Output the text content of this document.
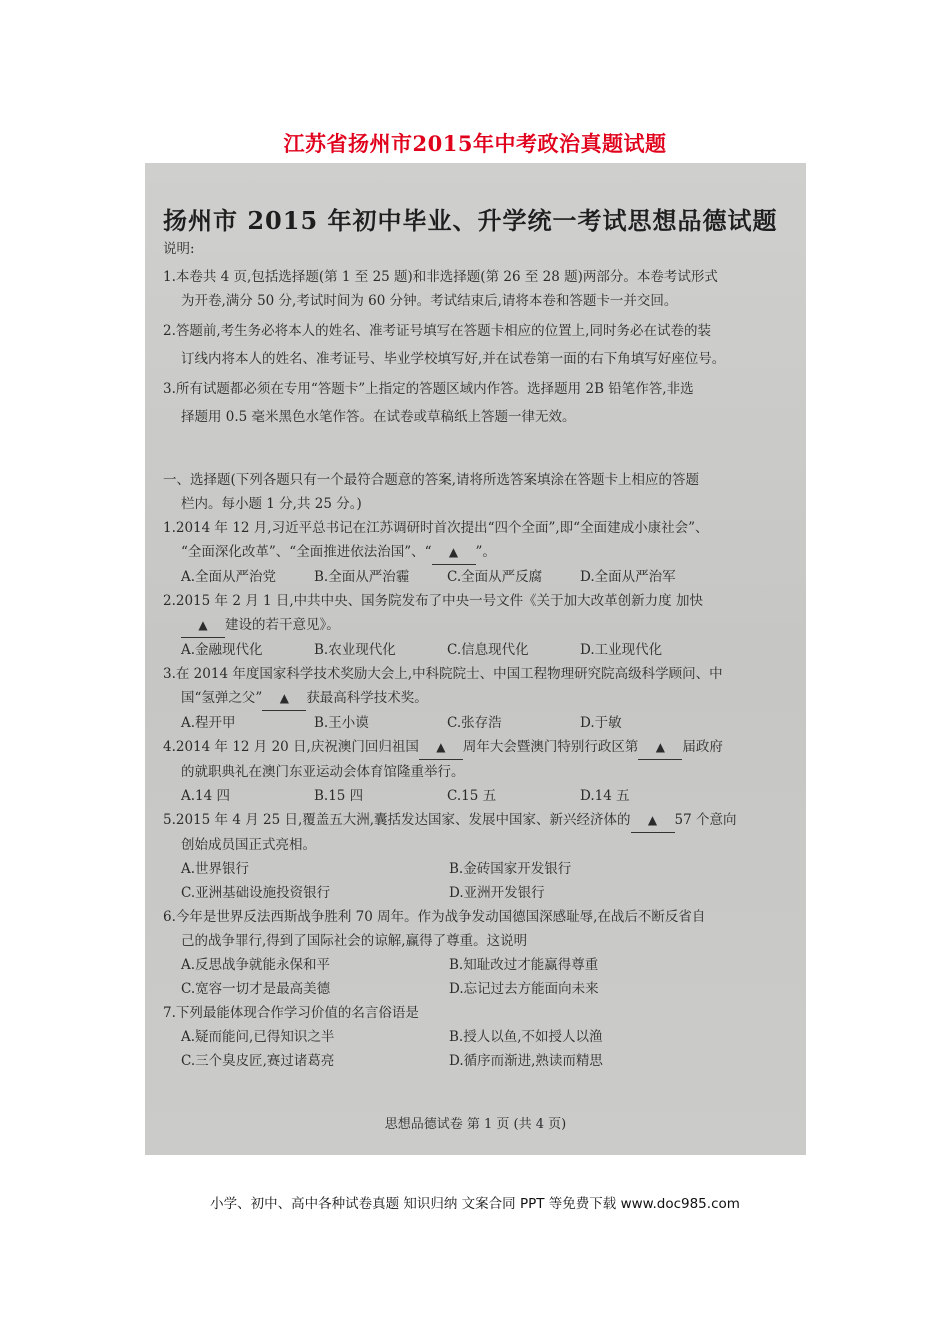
江苏省扬州市2015年中考政治真题试题
扬州市 2015 年初中毕业、升学统一考试思想品德试题
说明:
1.本卷共 4 页,包括选择题(第 1 至 25 题)和非选择题(第 26 至 28 题)两部分。本卷考试形式
为开卷,满分 50 分,考试时间为 60 分钟。考试结束后,请将本卷和答题卡一并交回。
2.答题前,考生务必将本人的姓名、准考证号填写在答题卡相应的位置上,同时务必在试卷的装
订线内将本人的姓名、准考证号、毕业学校填写好,并在试卷第一面的右下角填写好座位号。
3.所有试题都必须在专用“答题卡”上指定的答题区域内作答。选择题用 2B 铅笔作答,非选
择题用 0.5 毫米黑色水笔作答。在试卷或草稿纸上答题一律无效。
一、选择题(下列各题只有一个最符合题意的答案,请将所选答案填涂在答题卡上相应的答题
栏内。每小题 1 分,共 25 分。)
1.2014 年 12 月,习近平总书记在江苏调研时首次提出“四个全面”,即“全面建成小康社会”、
“全面深化改革”、“全面推进依法治国”、“ ▲ ”。
A.全面从严治党	B.全面从严治霾	C.全面从严反腐	D.全面从严治军
2.2015 年 2 月 1 日,中共中央、国务院发布了中央一号文件《关于加大改革创新力度 加快
▲ 建设的若干意见》。
A.金融现代化	B.农业现代化	C.信息现代化	D.工业现代化
3.在 2014 年度国家科学技术奖励大会上,中科院院士、中国工程物理研究院高级科学顾问、中
国“氢弹之父” ▲ 获最高科学技术奖。
A.程开甲	B.王小谟	C.张存浩	D.于敏
4.2014 年 12 月 20 日,庆祝澳门回归祖国 ▲ 周年大会暨澳门特别行政区第 ▲ 届政府
的就职典礼在澳门东亚运动会体育馆隆重举行。
A.14 四	B.15 四	C.15 五	D.14 五
5.2015 年 4 月 25 日,覆盖五大洲,囊括发达国家、发展中国家、新兴经济体的 ▲ 57 个意向
创始成员国正式亮相。
A.世界银行	B.金砖国家开发银行
C.亚洲基础设施投资银行	D.亚洲开发银行
6.今年是世界反法西斯战争胜利 70 周年。作为战争发动国德国深感耻辱,在战后不断反省自
己的战争罪行,得到了国际社会的谅解,赢得了尊重。这说明
A.反思战争就能永保和平	B.知耻改过才能赢得尊重
C.宽容一切才是最高美德	D.忘记过去方能面向未来
7.下列最能体现合作学习价值的名言俗语是
A.疑而能问,已得知识之半	B.授人以鱼,不如授人以渔
C.三个臭皮匠,赛过诸葛亮	D.循序而渐进,熟读而精思
思想品德试卷 第 1 页 (共 4 页)
小学、初中、高中各种试卷真题 知识归纳 文案合同 PPT 等免费下载 www.doc985.com
